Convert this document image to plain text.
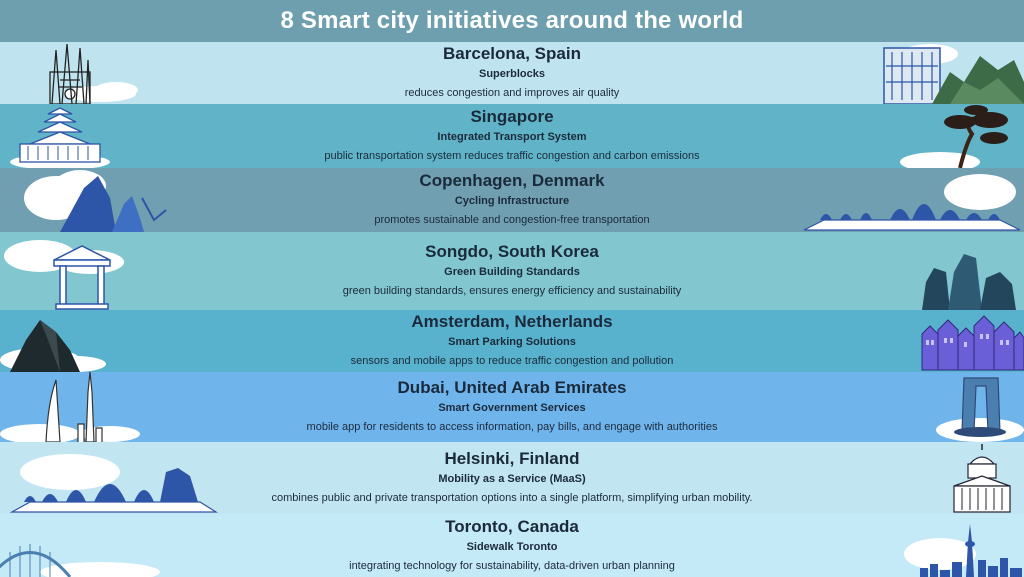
8 Smart city initiatives around the world
Barcelona, Spain
Superblocks
reduces congestion and improves air quality
Singapore
Integrated Transport System
public transportation system reduces traffic congestion and carbon emissions
Copenhagen, Denmark
Cycling Infrastructure
promotes sustainable and congestion-free transportation
Songdo, South Korea
Green Building Standards
green building standards, ensures energy efficiency and sustainability
Amsterdam, Netherlands
Smart Parking Solutions
sensors and mobile apps to reduce traffic congestion and pollution
Dubai, United Arab Emirates
Smart Government Services
mobile app for residents to access information, pay bills, and engage with authorities
Helsinki, Finland
Mobility as a Service (MaaS)
combines public and private transportation options into a single platform, simplifying urban mobility.
Toronto, Canada
Sidewalk Toronto
integrating technology for sustainability, data-driven urban planning
